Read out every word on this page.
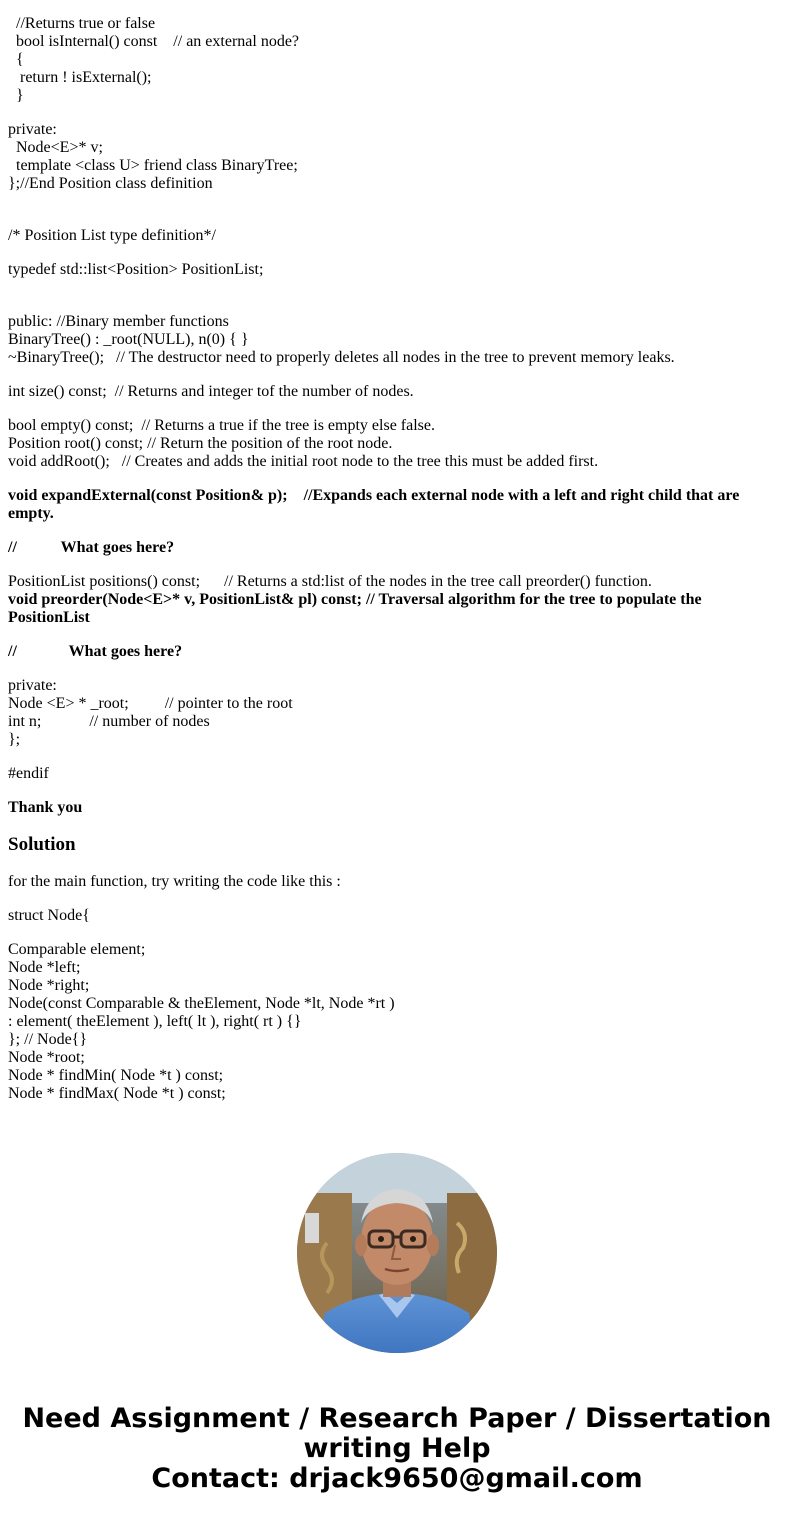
//Returns true or false
bool isInternal() const    // an external node?
{
return ! isExternal();
}
private:
Node<E>* v;
template <class U> friend class BinaryTree;
};//End Position class definition
/* Position List type definition*/
typedef std::list<Position> PositionList;
public: //Binary member functions
BinaryTree() : _root(NULL), n(0) { }
~BinaryTree();   // The destructor need to properly deletes all nodes in the tree to prevent memory leaks.
int size() const;  // Returns and integer tof the number of nodes.
bool empty() const;  // Returns a true if the tree is empty else false.
Position root() const; // Return the position of the root node.
void addRoot();   // Creates and adds the initial root node to the tree this must be added first.
void expandExternal(const Position& p);    //Expands each external node with a left and right child that are empty.
//           What goes here?
PositionList positions() const;      // Returns a std:list of the nodes in the tree call preorder() function.
void preorder(Node<E>* v, PositionList& pl) const; // Traversal algorithm for the tree to populate the PositionList
//             What goes here?
private:
Node <E> * _root;         // pointer to the root
int n;            // number of nodes
};
#endif
Thank you
Solution
for the main function, try writing the code like this :
struct Node{
Comparable element;
Node *left;
Node *right;
Node(const Comparable & theElement, Node *lt, Node *rt )
: element( theElement ), left( lt ), right( rt ) {}
}; // Node{}
Node *root;
Node * findMin( Node *t ) const;
Node * findMax( Node *t ) const;
Need Assignment / Research Paper / Dissertation
writing Help
Contact: drjack9650@gmail.com
